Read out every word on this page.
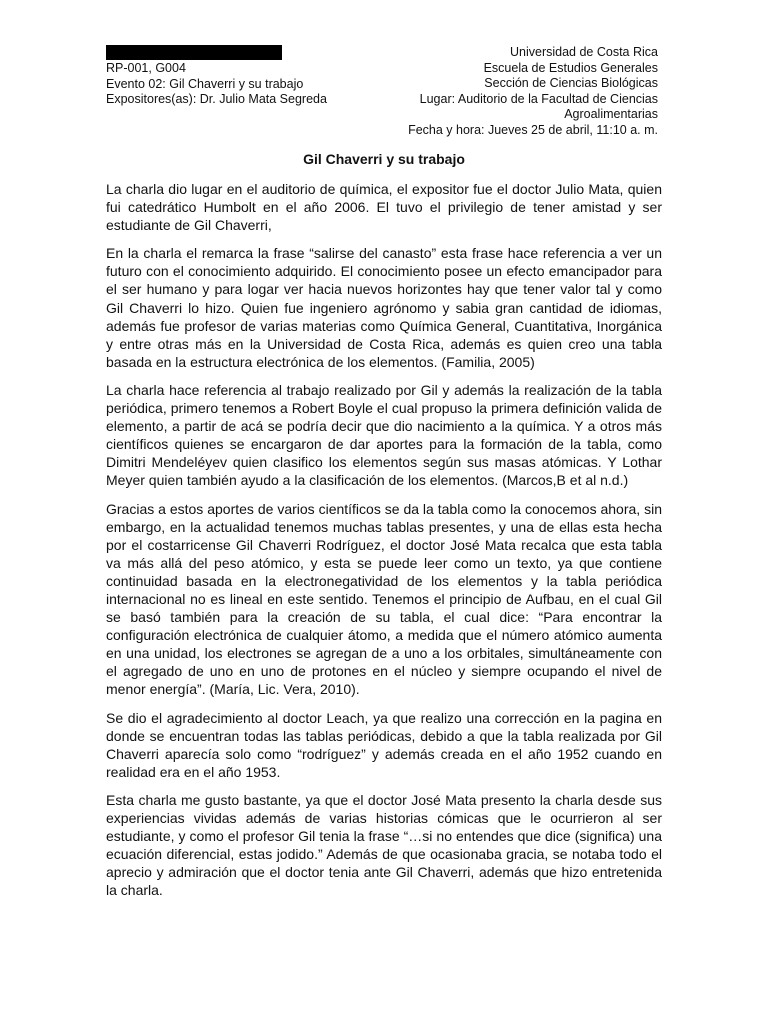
RP-001, G004
Evento 02: Gil Chaverri y su trabajo
Expositores(as): Dr. Julio Mata Segreda
Universidad de Costa Rica
Escuela de Estudios Generales
Sección de Ciencias Biológicas
Lugar: Auditorio de la Facultad de Ciencias Agroalimentarias
Fecha y hora: Jueves 25 de abril, 11:10 a. m.
Gil Chaverri y su trabajo

La charla dio lugar en el auditorio de química, el expositor fue el doctor Julio Mata, quien fui catedrático Humbolt en el año 2006. El tuvo el privilegio de tener amistad y ser estudiante de Gil Chaverri,

En la charla el remarca la frase “salirse del canasto” esta frase hace referencia a ver un futuro con el conocimiento adquirido. El conocimiento posee un efecto emancipador para el ser humano y para logar ver hacia nuevos horizontes hay que tener valor tal y como Gil Chaverri lo hizo. Quien fue ingeniero agrónomo y sabia gran cantidad de idiomas, además fue profesor de varias materias como Química General, Cuantitativa, Inorgánica y entre otras más en la Universidad de Costa Rica, además es quien creo una tabla basada en la estructura electrónica de los elementos. (Familia, 2005)

La charla hace referencia al trabajo realizado por Gil y además la realización de la tabla periódica, primero tenemos a Robert Boyle el cual propuso la primera definición valida de elemento, a partir de acá se podría decir que dio nacimiento a la química. Y a otros más científicos quienes se encargaron de dar aportes para la formación de la tabla, como Dimitri Mendeléyev quien clasifico los elementos según sus masas atómicas. Y Lothar Meyer quien también ayudo a la clasificación de los elementos. (Marcos,B et al n.d.)

Gracias a estos aportes de varios científicos se da la tabla como la conocemos ahora, sin embargo, en la actualidad tenemos muchas tablas presentes, y una de ellas esta hecha por el costarricense Gil Chaverri Rodríguez, el doctor José Mata recalca que esta tabla va más allá del peso atómico, y esta se puede leer como un texto, ya que contiene continuidad basada en la electronegatividad de los elementos y la tabla periódica internacional no es lineal en este sentido. Tenemos el principio de Aufbau, en el cual Gil se basó también para la creación de su tabla, el cual dice: “Para encontrar la configuración electrónica de cualquier átomo, a medida que el número atómico aumenta en una unidad, los electrones se agregan de a uno a los orbitales, simultáneamente con el agregado de uno en uno de protones en el núcleo y siempre ocupando el nivel de menor energía”. (María, Lic. Vera, 2010).

Se dio el agradecimiento al doctor Leach, ya que realizo una corrección en la pagina en donde se encuentran todas las tablas periódicas, debido a que la tabla realizada por Gil Chaverri aparecía solo como “rodríguez” y además creada en el año 1952 cuando en realidad era en el año 1953.

Esta charla me gusto bastante, ya que el doctor José Mata presento la charla desde sus experiencias vividas además de varias historias cómicas que le ocurrieron al ser estudiante, y como el profesor Gil tenia la frase “…si no entendes que dice (significa) una ecuación diferencial, estas jodido.” Además de que ocasionaba gracia, se notaba todo el aprecio y admiración que el doctor tenia ante Gil Chaverri, además que hizo entretenida la charla.
